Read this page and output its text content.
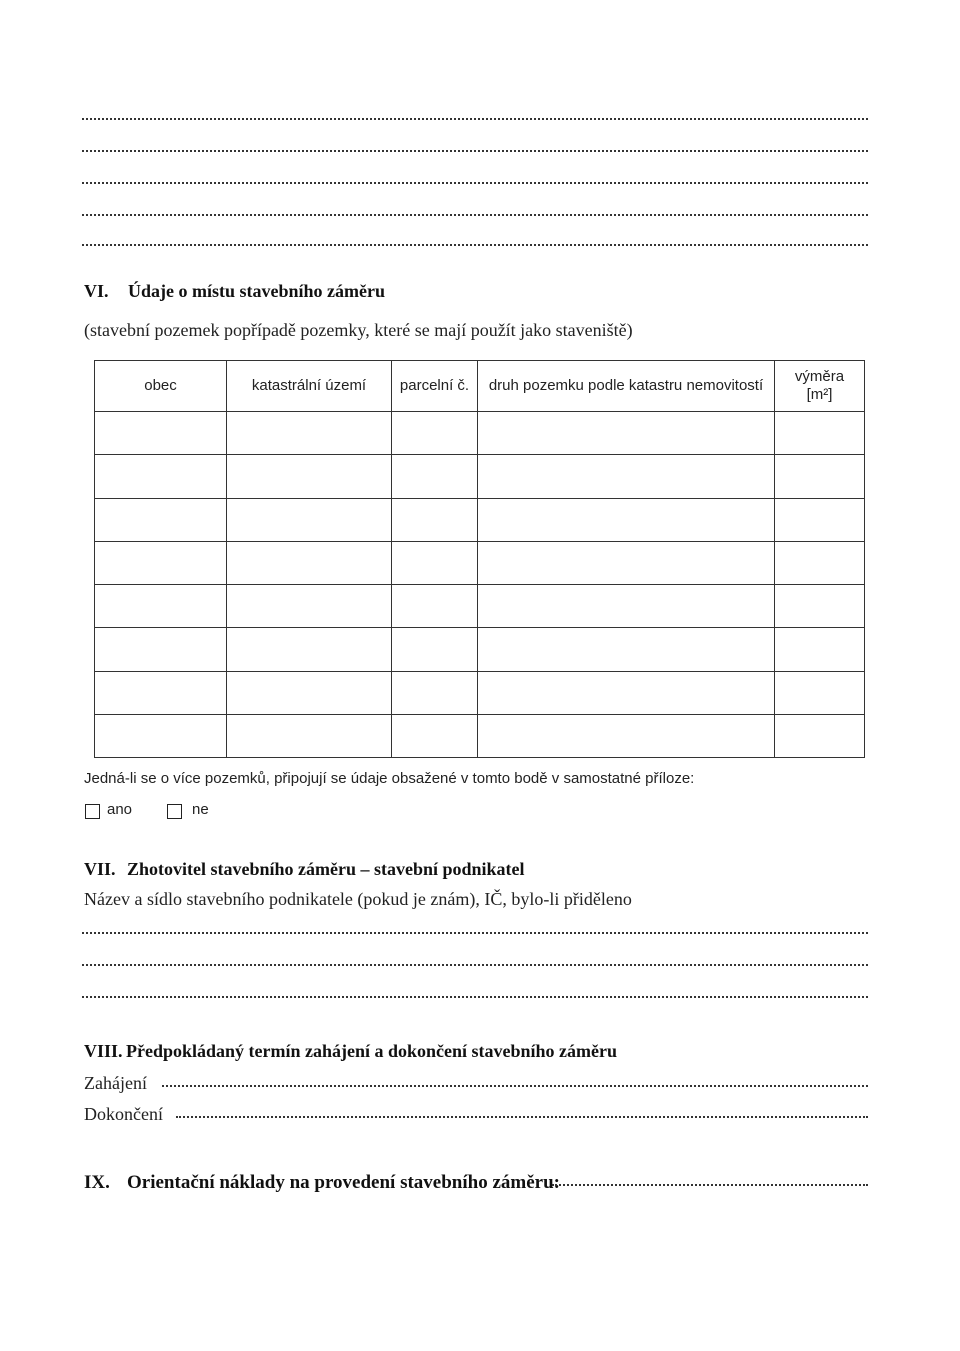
VI. Údaje o místu stavebního záměru
(stavební pozemek popřípadě pozemky, které se mají použít jako staveniště)
obec	katastrální území	parcelní č.	druh pozemku podle katastru nemovitostí	výměra
[m²]

Jedná-li se o více pozemků, připojují se údaje obsažené v tomto bodě v samostatné příloze:
ano	ne
VII. Zhotovitel stavebního záměru – stavební podnikatel
Název a sídlo stavebního podnikatele (pokud je znám), IČ, bylo-li přiděleno
VIII. Předpokládaný termín zahájení a dokončení stavebního záměru
Zahájení
Dokončení
IX. Orientační náklady na provedení stavebního záměru:
